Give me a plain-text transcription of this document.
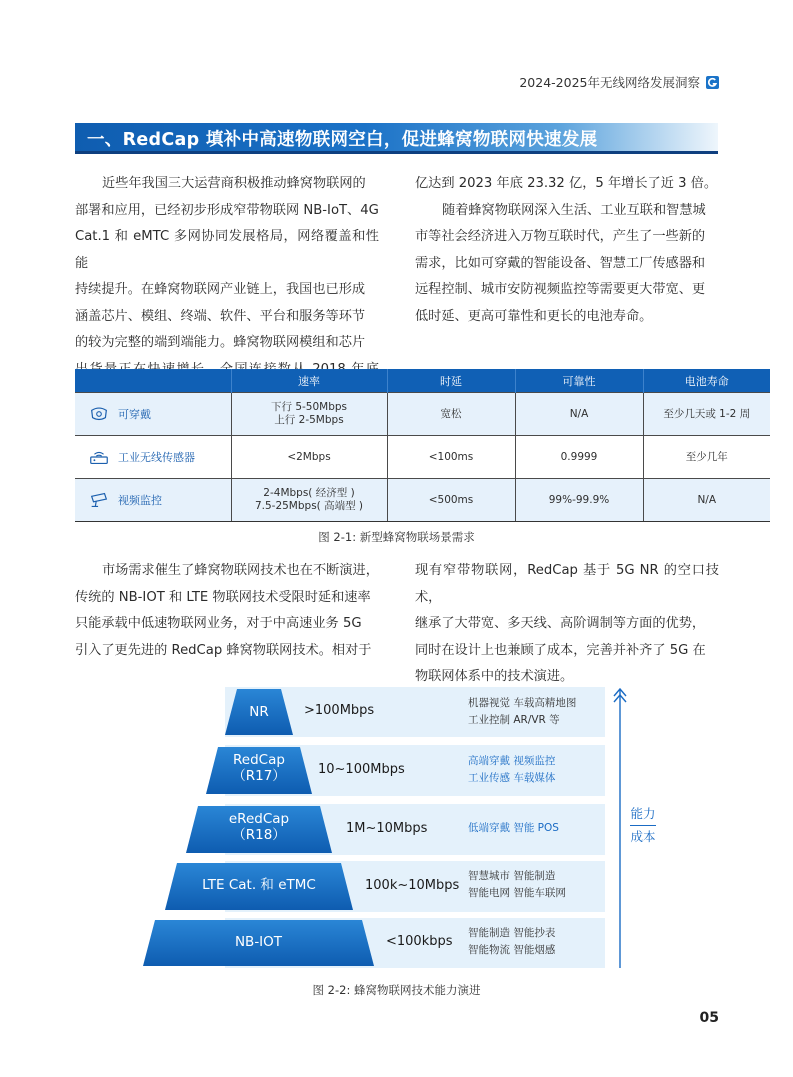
2024-2025年无线网络发展洞察
一、RedCap 填补中高速物联网空白，促进蜂窝物联网快速发展

近些年我国三大运营商积极推动蜂窝物联网的

部署和应用，已经初步形成窄带物联网 NB-IoT、4G

Cat.1 和 eMTC 多网协同发展格局，网络覆盖和性能

持续提升。在蜂窝物联网产业链上，我国也已形成

涵盖芯片、模组、终端、软件、平台和服务等环节

的较为完整的端到端能力。蜂窝物联网模组和芯片

亿达到 2023 年底 23.32 亿，5 年增长了近 3 倍。

随着蜂窝物联网深入生活、工业互联和智慧城

市等社会经济进入万物互联时代，产生了一些新的

需求，比如可穿戴的智能设备、智慧工厂传感器和

远程控制、城市安防视频监控等需要更大带宽、更

低时延、更高可靠性和更长的电池寿命。

	速率	时延	可靠性	电池寿命

可穿戴	下行 5-50Mbps
上行 2-5Mbps	宽松	N/A	至少几天或 1-2 周

工业无线传感器	<2Mbps	<100ms	0.9999	至少几年

视频监控	2-4Mbps( 经济型 )
7.5-25Mbps( 高端型 )	<500ms	99%-99.9%	N/A
图 2-1: 新型蜂窝物联场景需求

市场需求催生了蜂窝物联网技术也在不断演进，

传统的 NB-IOT 和 LTE 物联网技术受限时延和速率

只能承载中低速物联网业务，对于中高速业务 5G

引入了更先进的 RedCap 蜂窝物联网技术。相对于

现有窄带物联网，RedCap 基于 5G NR 的空口技术，

继承了大带宽、多天线、高阶调制等方面的优势，

同时在设计上也兼顾了成本，完善并补齐了 5G 在

物联网体系中的技术演进。

NR	>100Mbps	机器视觉 车载高精地图
工业控制 AR/VR 等
RedCap
（R17）	10~100Mbps
高端穿戴 视频监控
工业传感 车载媒体
eRedCap
（R18）	1M~10Mbps	低端穿戴 智能 POS
LTE Cat. 和 eTMC	100k~10Mbps
智慧城市 智能制造
智能电网 智能车联网
NB-IOT	<100kbps
智能制造 智能抄表
智能物流 智能烟感
能力
成本
图 2-2: 蜂窝物联网技术能力演进
05
